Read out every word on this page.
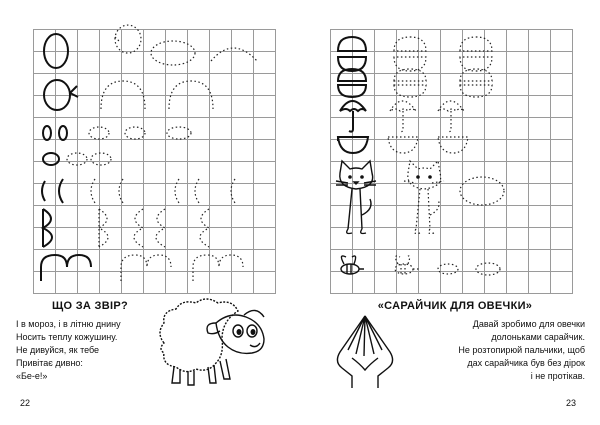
ЩО ЗА ЗВІР?
І в мороз, і в літню днину
Носить теплу кожушину.
Не дивуйся, як тебе
Привітає дивно:
«Бе-е!»
22
«САРАЙЧИК ДЛЯ ОВЕЧКИ»
Давай зробимо для овечки
долоньками сарайчик.
Не розтопирюй пальчики, щоб
дах сарайчика був без дірок
і не протікав.
23
